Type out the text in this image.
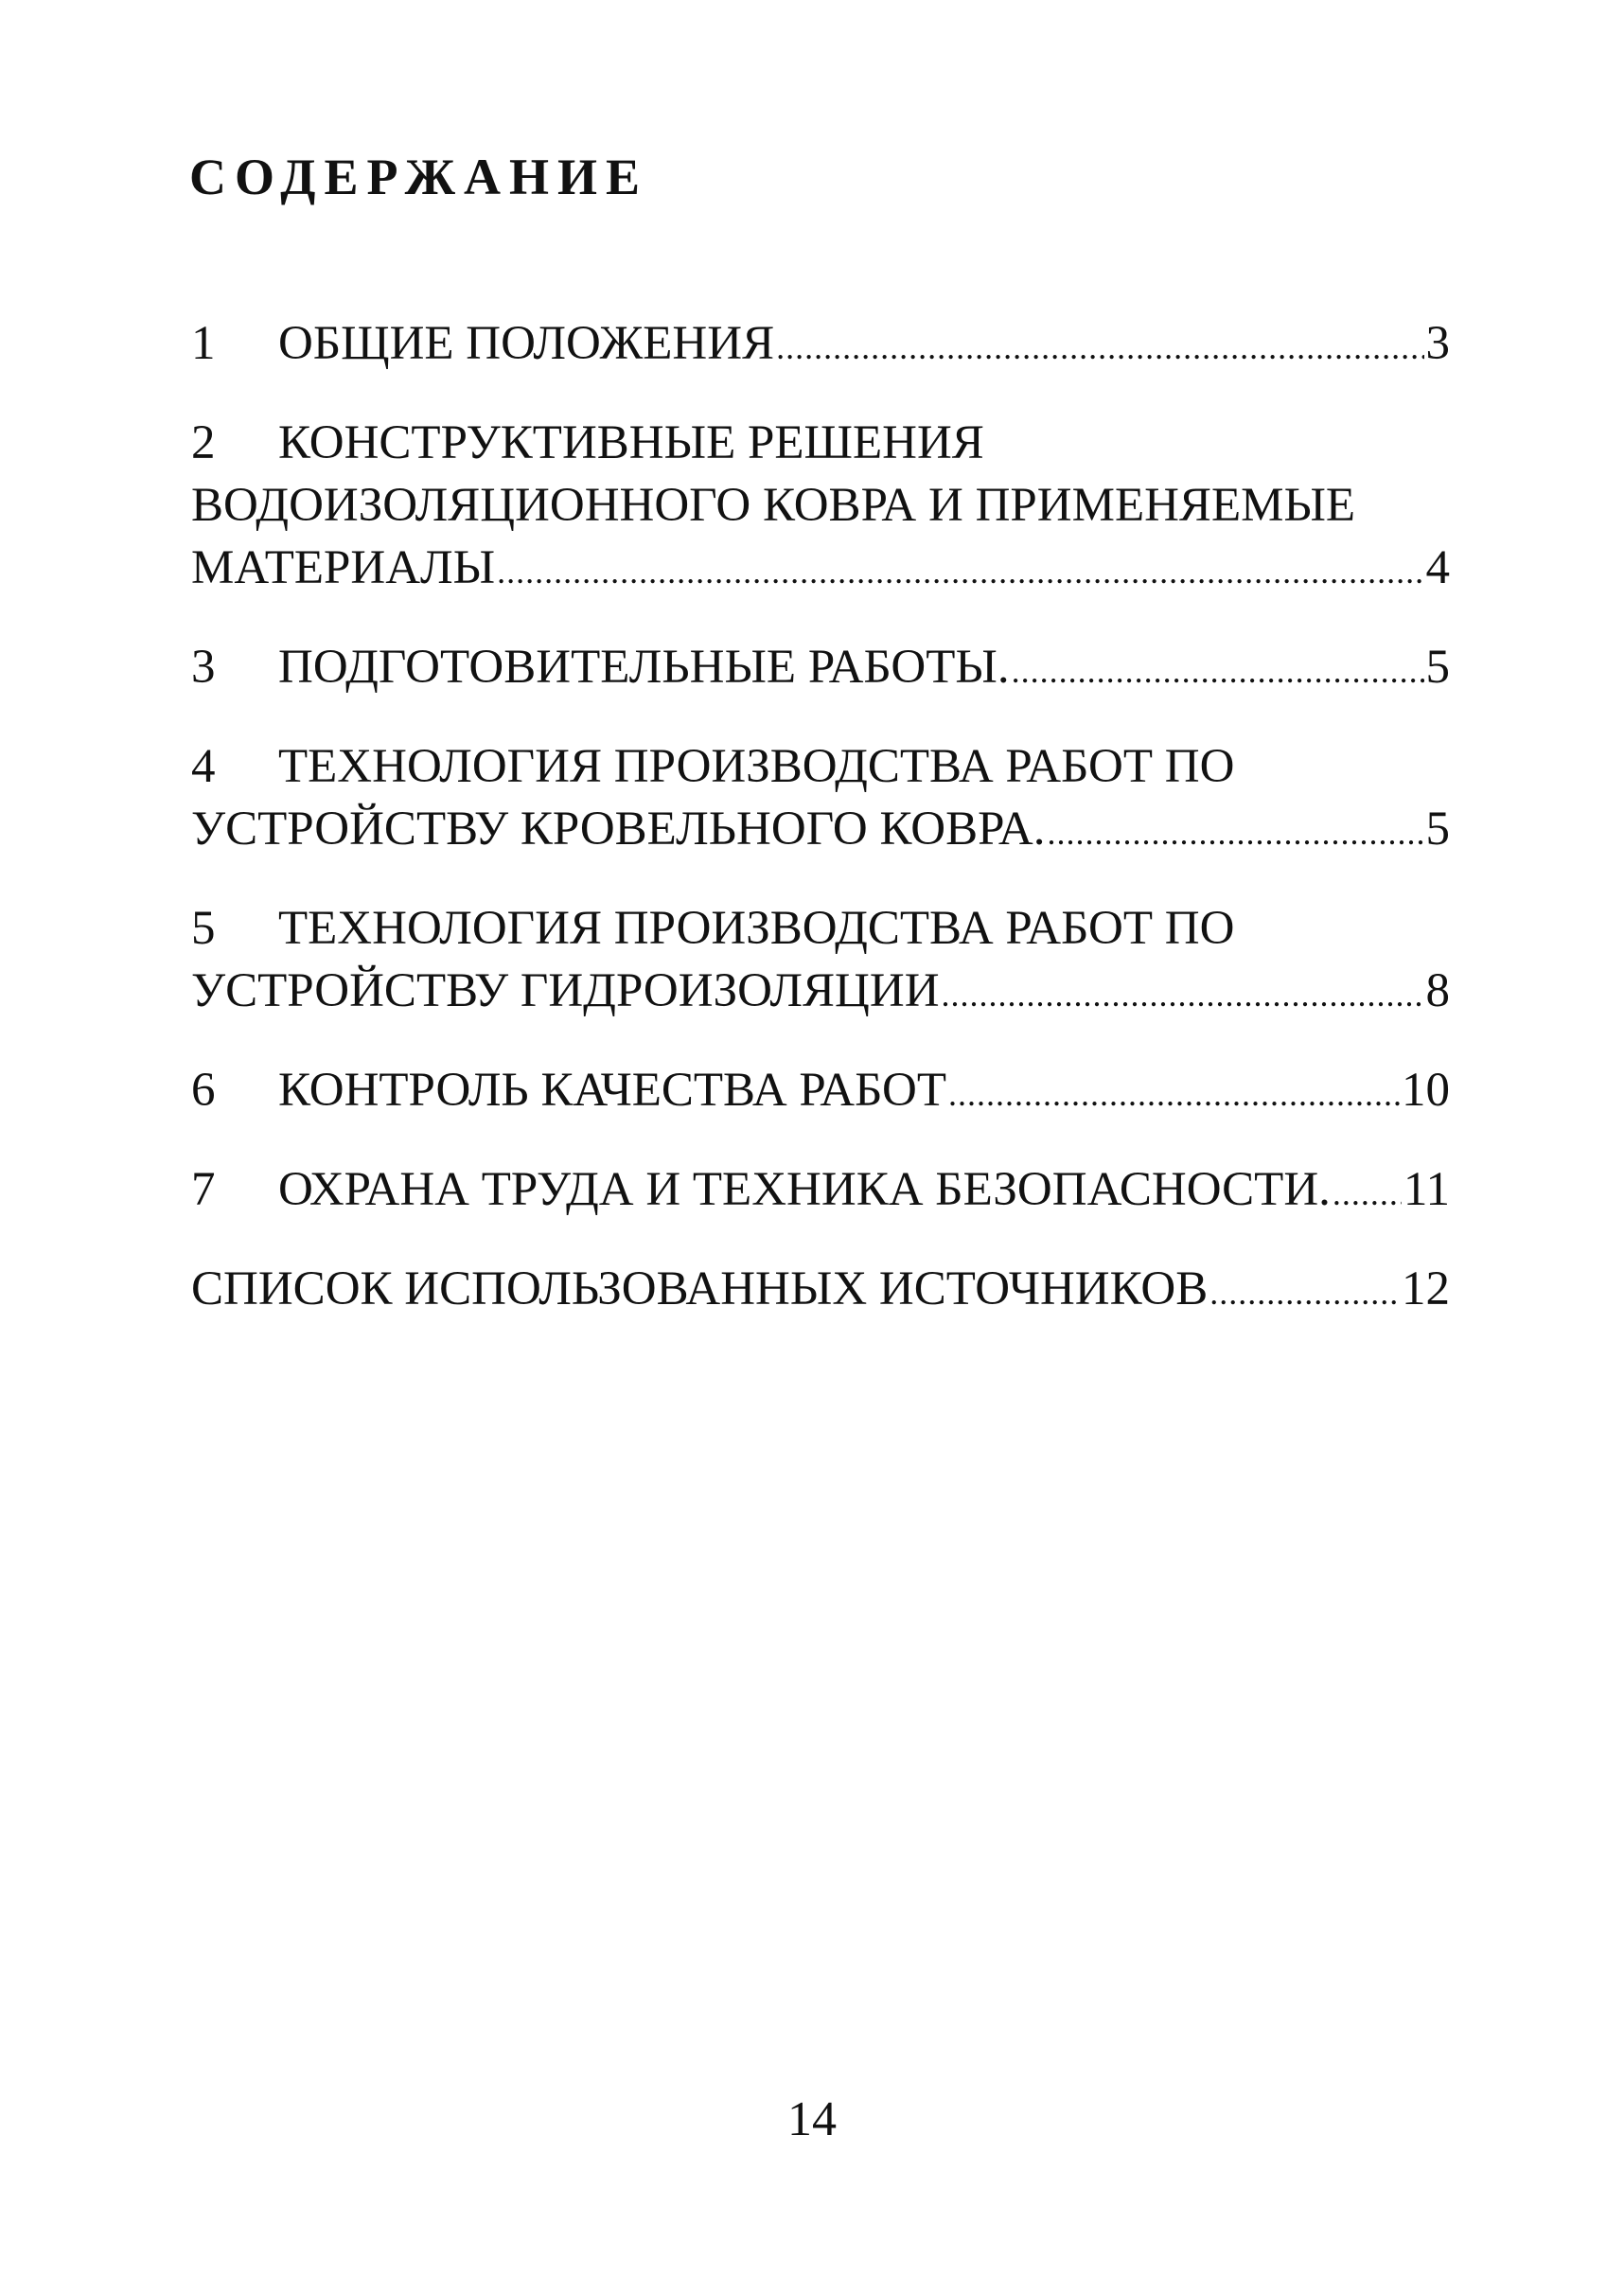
СОДЕРЖАНИЕ
1 ОБЩИЕ ПОЛОЖЕНИЯ .....	3
2 КОНСТРУКТИВНЫЕ РЕШЕНИЯ
ВОДОИЗОЛЯЦИОННОГО КОВРА И ПРИМЕНЯЕМЫЕ
МАТЕРИАЛЫ .....	4
3 ПОДГОТОВИТЕЛЬНЫЕ РАБОТЫ. .....	5
4 ТЕХНОЛОГИЯ ПРОИЗВОДСТВА РАБОТ ПО
УСТРОЙСТВУ КРОВЕЛЬНОГО КОВРА. .....	5
5 ТЕХНОЛОГИЯ ПРОИЗВОДСТВА РАБОТ ПО
УСТРОЙСТВУ ГИДРОИЗОЛЯЦИИ .....	8
6 КОНТРОЛЬ КАЧЕСТВА РАБОТ .....	10
7 ОХРАНА ТРУДА И ТЕХНИКА БЕЗОПАСНОСТИ. ..... 11
СПИСОК ИСПОЛЬЗОВАННЫХ ИСТОЧНИКОВ .....	12
14
